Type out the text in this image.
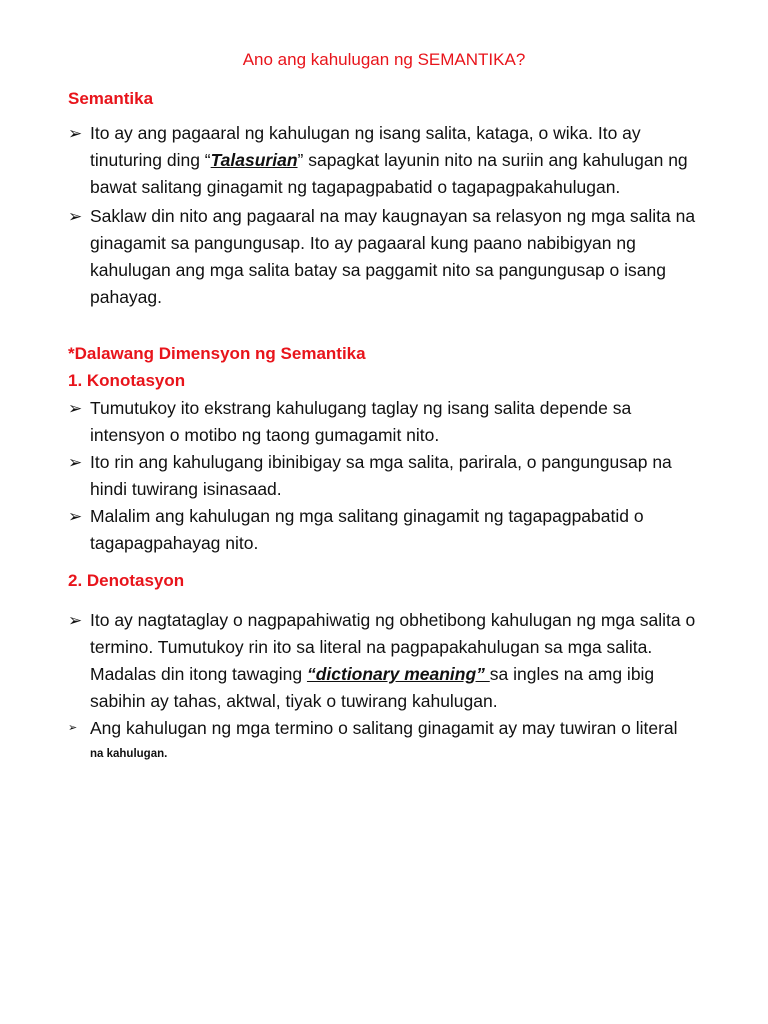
Ano ang kahulugan ng SEMANTIKA?
Semantika
➢ Ito ay ang pagaaral ng kahulugan ng isang salita, kataga, o wika. Ito ay tinuturing ding “Talasurian” sapagkat layunin nito na suriin ang kahulugan ng bawat salitang ginagamit ng tagapagpabatid o tagapagpakahulugan.
➢ Saklaw din nito ang pagaaral na may kaugnayan sa relasyon ng mga salita na ginagamit sa pangungusap. Ito ay pagaaral kung paano nabibigyan ng kahulugan ang mga salita batay sa paggamit nito sa pangungusap o isang pahayag.
*Dalawang Dimensyon ng Semantika
1. Konotasyon
➢ Tumutukoy ito ekstrang kahulugang taglay ng isang salita depende sa intensyon o motibo ng taong gumagamit nito.
➢ Ito rin ang kahulugang ibinibigay sa mga salita, parirala, o pangungusap na hindi tuwirang isinasaad.
➢ Malalim ang kahulugan ng mga salitang ginagamit ng tagapagpabatid o tagapagpahayag nito.
2. Denotasyon
➢ Ito ay nagtataglay o nagpapahiwatig ng obhetibong kahulugan ng mga salita o termino. Tumutukoy rin ito sa literal na pagpapakahulugan sa mga salita. Madalas din itong tawaging “dictionary meaning” sa ingles na amg ibig sabihin ay tahas, aktwal, tiyak o tuwirang kahulugan.
➢ Ang kahulugan ng mga termino o salitang ginagamit ay may tuwiran o literal
na kahulugan.
